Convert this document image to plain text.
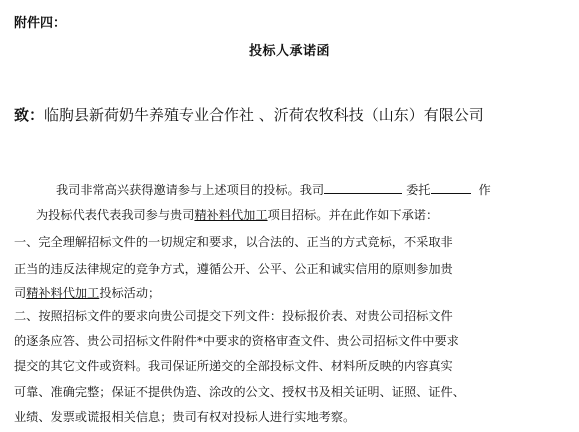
附件四：
投标人承诺函
致：临朐县新荷奶牛养殖专业合作社 、沂荷农牧科技（山东）有限公司
我司非常高兴获得邀请参与上述项目的投标。我司	委托	作
为投标代表代表我司参与贵司精补料代加工项目招标。并在此作如下承诺：
一、完全理解招标文件的一切规定和要求，以合法的、正当的方式竞标，不采取非
正当的违反法律规定的竞争方式，遵循公开、公平、公正和诚实信用的原则参加贵
司精补料代加工投标活动；
二、按照招标文件的要求向贵公司提交下列文件：投标报价表、对贵公司招标文件
的逐条应答、贵公司招标文件附件*中要求的资格审查文件、贵公司招标文件中要求
提交的其它文件或资料。我司保证所递交的全部投标文件、材料所反映的内容真实
可靠、准确完整；保证不提供伪造、涂改的公文、授权书及相关证明、证照、证件、
业绩、发票或谎报相关信息；贵司有权对投标人进行实地考察。
